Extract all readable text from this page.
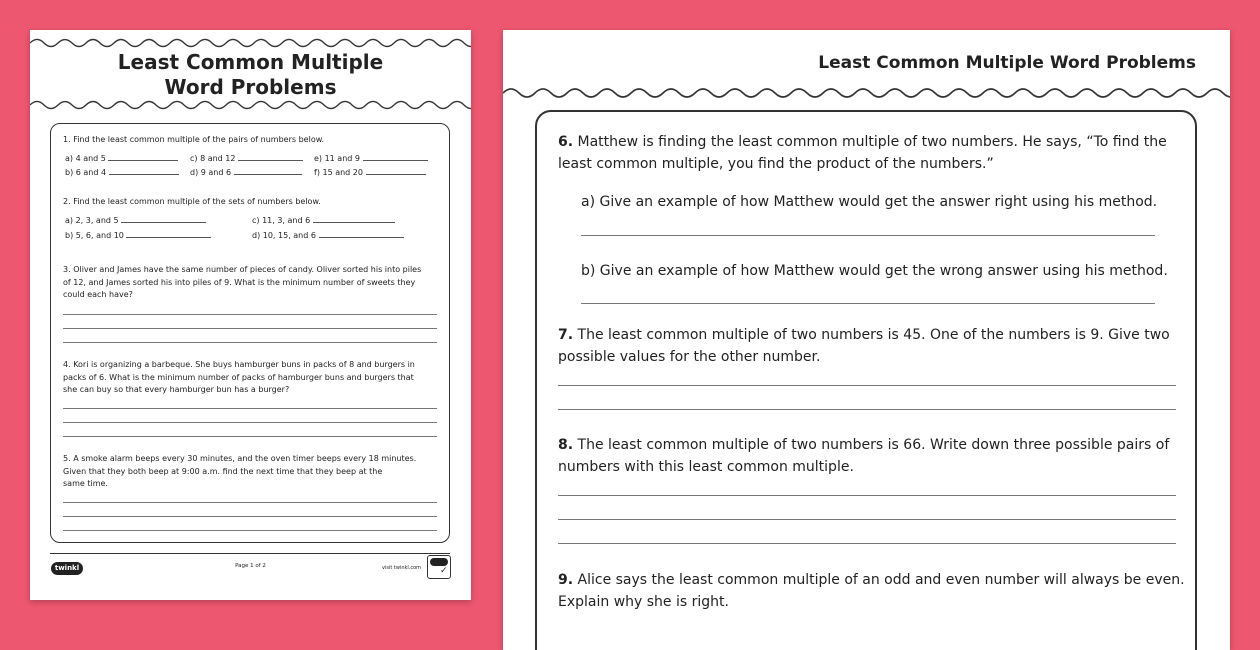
Least Common Multiple
Word Problems
1. Find the least common multiple of the pairs of numbers below.
a) 4 and 5	c) 8 and 12	e) 11 and 9
b) 6 and 4	d) 9 and 6	f) 15 and 20
2. Find the least common multiple of the sets of numbers below.
a) 2, 3, and 5	c) 11, 3, and 6
b) 5, 6, and 10	d) 10, 15, and 6
3. Oliver and James have the same number of pieces of candy. Oliver sorted his into piles
of 12, and James sorted his into piles of 9. What is the minimum number of sweets they
could each have?
4. Kori is organizing a barbeque. She buys hamburger buns in packs of 8 and burgers in
packs of 6. What is the minimum number of packs of hamburger buns and burgers that
she can buy so that every hamburger bun has a burger?
5. A smoke alarm beeps every 30 minutes, and the oven timer beeps every 18 minutes.
Given that they both beep at 9:00 a.m. find the next time that they beep at the
same time.
twinkl	Page 1 of 2	visit twinkl.com ✓
Least Common Multiple Word Problems
6. Matthew is finding the least common multiple of two numbers. He says, “To find the
least common multiple, you find the product of the numbers.”
a) Give an example of how Matthew would get the answer right using his method.
b) Give an example of how Matthew would get the wrong answer using his method.
7. The least common multiple of two numbers is 45. One of the numbers is 9. Give two
possible values for the other number.
8. The least common multiple of two numbers is 66. Write down three possible pairs of
numbers with this least common multiple.
9. Alice says the least common multiple of an odd and even number will always be even.
Explain why she is right.
